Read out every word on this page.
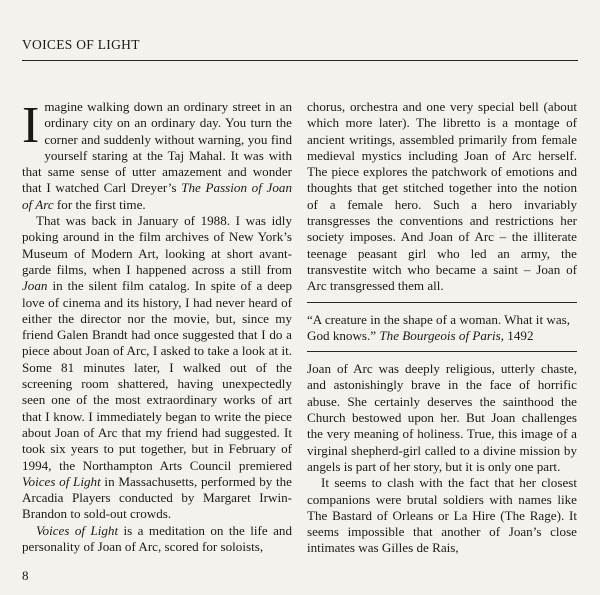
VOICES OF LIGHT

Imagine walking down an ordinary street in an ordinary city on an ordinary day. You turn the corner and suddenly without warning, you find yourself staring at the Taj Mahal. It was with that same sense of utter amazement and wonder that I watched Carl Dreyer’s The Passion of Joan of Arc for the first time.

That was back in January of 1988. I was idly poking around in the film archives of New York’s Museum of Modern Art, looking at short avant-garde films, when I happened across a still from Joan in the silent film catalog. In spite of a deep love of cinema and its history, I had never heard of either the director nor the movie, but, since my friend Galen Brandt had once suggested that I do a piece about Joan of Arc, I asked to take a look at it. Some 81 minutes later, I walked out of the screening room shattered, having unexpectedly seen one of the most extraordinary works of art that I know. I immediately began to write the piece about Joan of Arc that my friend had suggested. It took six years to put together, but in February of 1994, the Northampton Arts Council premiered Voices of Light in Massachusetts, performed by the Arcadia Players conducted by Margaret Irwin-Brandon to sold-out crowds.

Voices of Light is a meditation on the life and personality of Joan of Arc, scored for soloists,

chorus, orchestra and one very special bell (about which more later). The libretto is a montage of ancient writings, assembled primarily from female medieval mystics including Joan of Arc herself. The piece explores the patchwork of emotions and thoughts that get stitched together into the notion of a female hero. Such a hero invariably transgresses the conventions and restrictions her society imposes. And Joan of Arc – the illiterate teenage peasant girl who led an army, the transvestite witch who became a saint – Joan of Arc transgressed them all.

“A creature in the shape of a woman. What it was, God knows.” The Bourgeois of Paris, 1492

Joan of Arc was deeply religious, utterly chaste, and astonishingly brave in the face of horrific abuse. She certainly deserves the sainthood the Church bestowed upon her. But Joan challenges the very meaning of holiness. True, this image of a virginal shepherd-girl called to a divine mission by angels is part of her story, but it is only one part.

It seems to clash with the fact that her closest companions were brutal soldiers with names like The Bastard of Orleans or La Hire (The Rage). It seems impossible that another of Joan’s close intimates was Gilles de Rais,

8
